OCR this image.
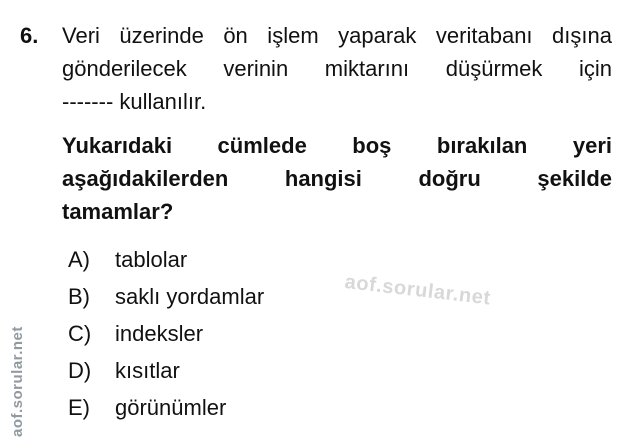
6. Veri üzerinde ön işlem yaparak veritabanı dışına
gönderilecek verinin miktarını düşürmek için
------- kullanılır.
Yukarıdaki cümlede boş bırakılan yeri
aşağıdakilerden hangisi doğru şekilde
tamamlar?
A)	tablolar
B)	saklı yordamlar
C)	indeksler
D)	kısıtlar
E)	görünümler
aof.sorular.net
aof.sorular.net
